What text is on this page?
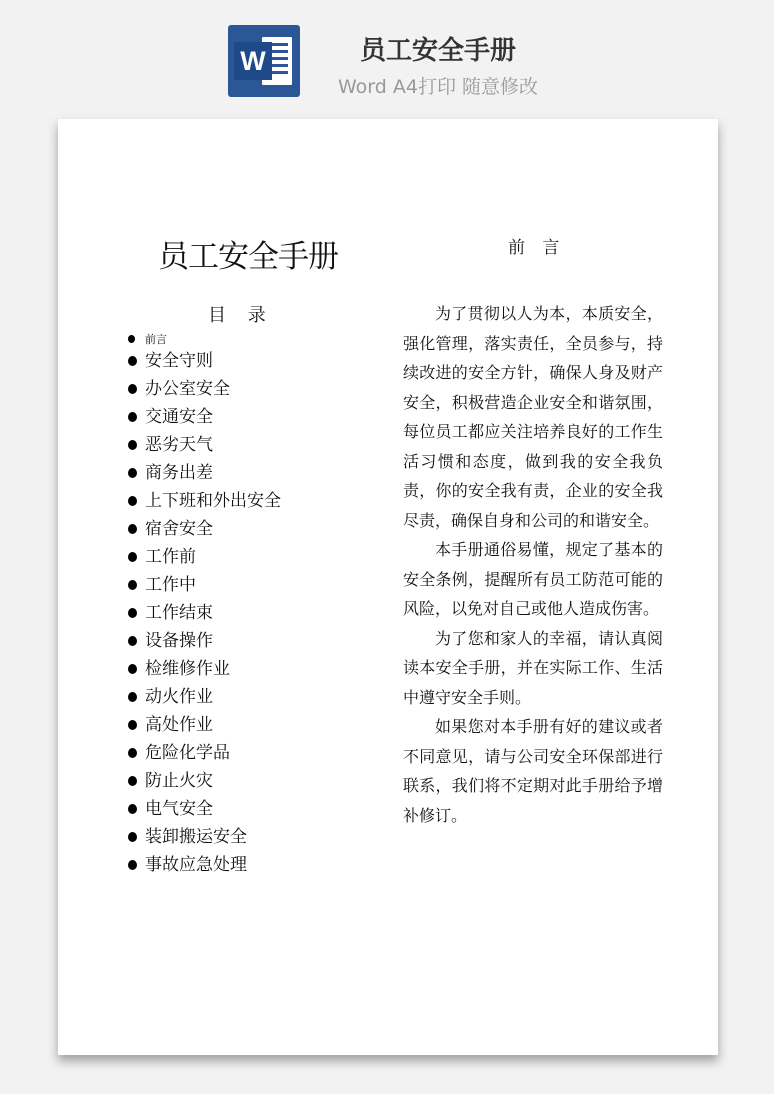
W	员工安全手册
Word A4打印 随意修改
员工安全手册
目 录
前言
安全守则
办公室安全
交通安全
恶劣天气
商务出差
上下班和外出安全
宿舍安全
工作前
工作中
工作结束
设备操作
检维修作业
动火作业
高处作业
危险化学品
防止火灾
电气安全
装卸搬运安全
事故应急处理
前 言

为了贯彻以人为本，本质安全，强化管理，落实责任，全员参与，持续改进的安全方针，确保人身及财产安全，积极营造企业安全和谐氛围，每位员工都应关注培养良好的工作生活习惯和态度，做到我的安全我负责，你的安全我有责，企业的安全我尽责，确保自身和公司的和谐安全。

本手册通俗易懂，规定了基本的安全条例，提醒所有员工防范可能的风险，以免对自己或他人造成伤害。

为了您和家人的幸福，请认真阅读本安全手册，并在实际工作、生活中遵守安全手则。

如果您对本手册有好的建议或者不同意见，请与公司安全环保部进行联系，我们将不定期对此手册给予增补修订。
